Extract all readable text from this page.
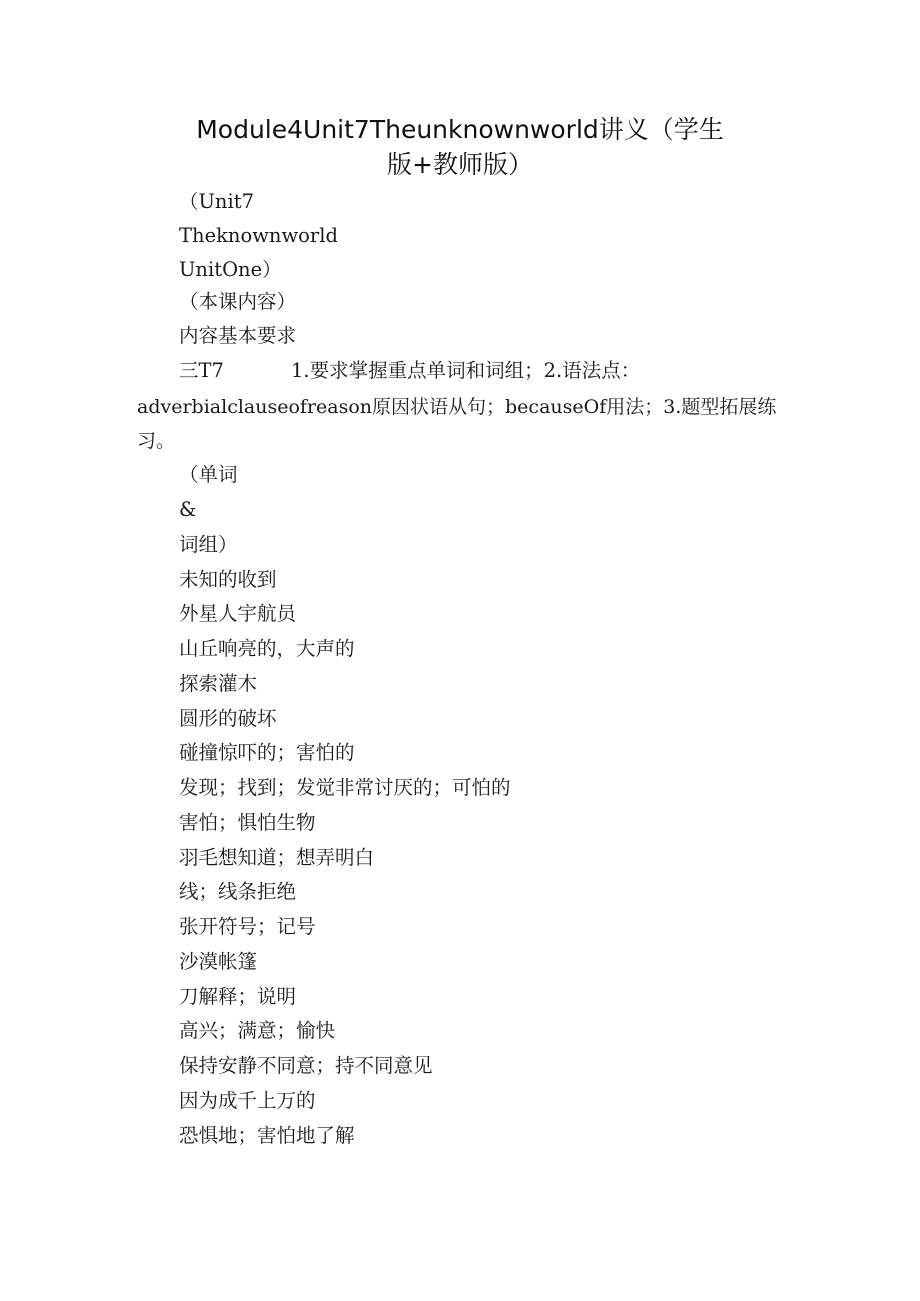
Module4Unit7Theunknownworld讲义（学生
版+教师版）
（Unit7
Theknownworld
UnitOne）
（本课内容）
内容基本要求
三T7	1.要求掌握重点单词和词组；2.语法点：
adverbialclauseofreason原因状语从句；becauseOf用法；3.题型拓展练
习。
（单词
&
词组）
未知的收到
外星人宇航员
山丘响亮的，大声的
探索灌木
圆形的破坏
碰撞惊吓的；害怕的
发现；找到；发觉非常讨厌的；可怕的
害怕；惧怕生物
羽毛想知道；想弄明白
线；线条拒绝
张开符号；记号
沙漠帐篷
刀解释；说明
高兴；满意；愉快
保持安静不同意；持不同意见
因为成千上万的
恐惧地；害怕地了解
